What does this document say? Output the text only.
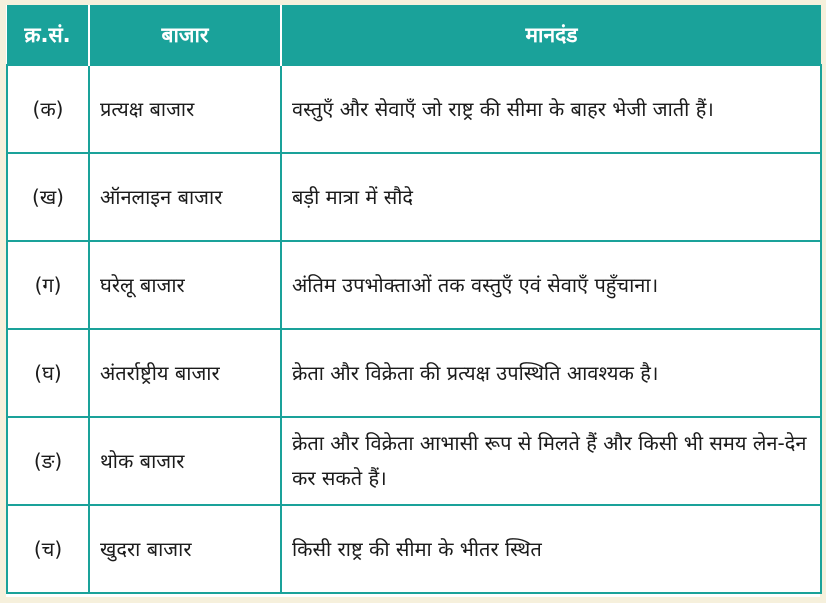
क्र.सं.	बाजार	मानदंड
(क)	प्रत्यक्ष बाजार	वस्तुएँ और सेवाएँ जो राष्ट्र की सीमा के बाहर भेजी जाती हैं।
(ख)	ऑनलाइन बाजार	बड़ी मात्रा में सौदे
(ग)	घरेलू बाजार	अंतिम उपभोक्ताओं तक वस्तुएँ एवं सेवाएँ पहुँचाना।
(घ)	अंतर्राष्ट्रीय बाजार	क्रेता और विक्रेता की प्रत्यक्ष उपस्थिति आवश्यक है।
(ङ)	थोक बाजार	क्रेता और विक्रेता आभासी रूप से मिलते हैं और किसी भी समय लेन-देन कर सकते हैं।
(च)	खुदरा बाजार	किसी राष्ट्र की सीमा के भीतर स्थित
